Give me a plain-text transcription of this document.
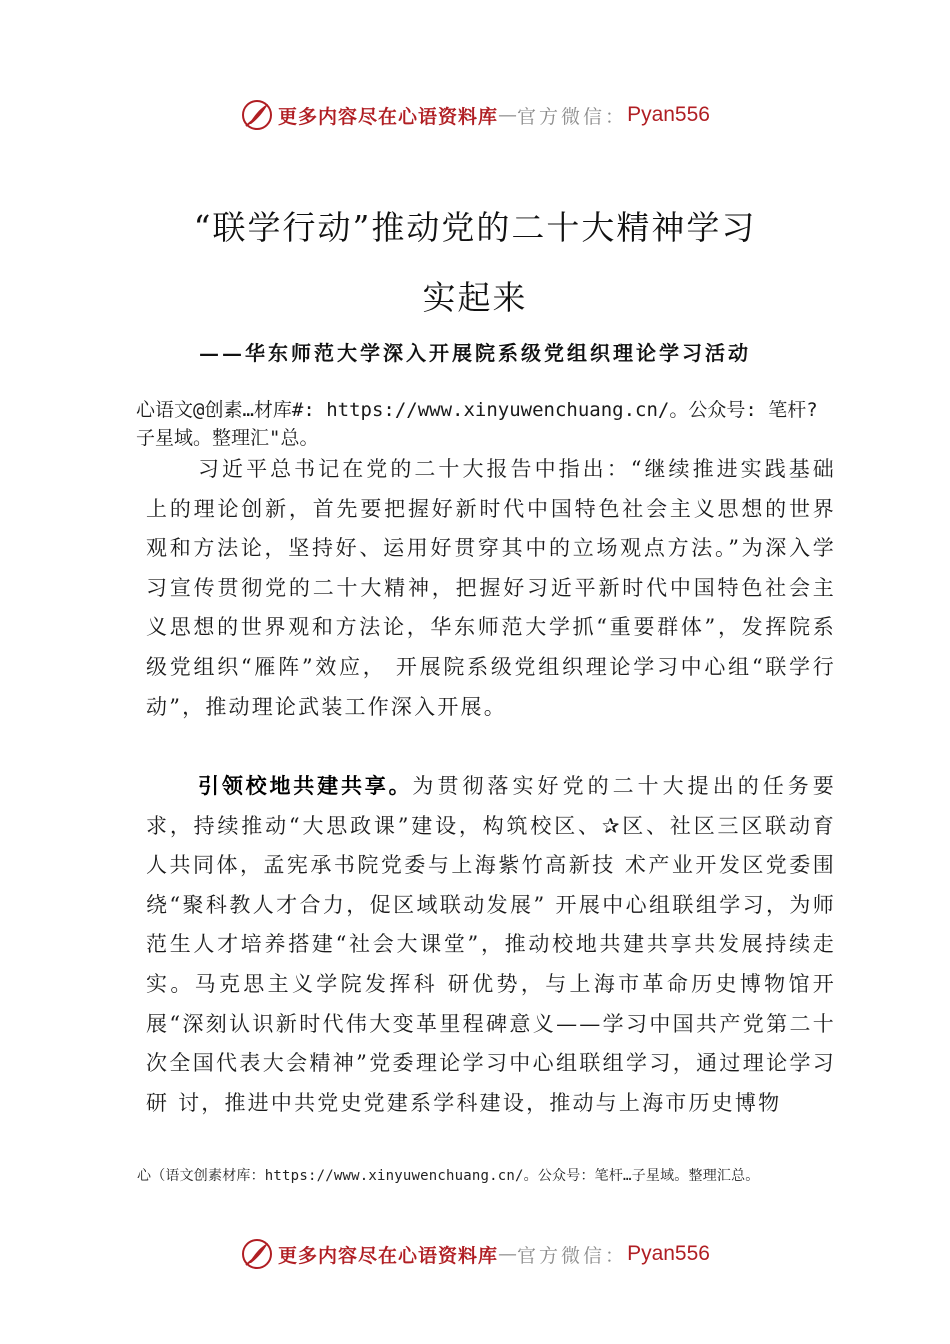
更多内容尽在心语资料库 — 官方微信： Pyan556
“联学行动”推动党的二十大精神学习
实起来
——华东师范大学深入开展院系级党组织理论学习活动
心语文@创素…材库#: https://www.xinyuwenchuang.cn/。公众号: 笔杆?子星域。整理汇"总。
习近平总书记在党的二十大报告中指出：“继续推进实践基础上的理论创新，首先要把握好新时代中国特色社会主义思想的世界观和方法论，坚持好、运用好贯穿其中的立场观点方法。”为深入学习宣传贯彻党的二十大精神，把握好习近平新时代中国特色社会主义思想的世界观和方法论，华东师范大学抓“重要群体”，发挥院系级党组织“雁阵”效应， 开展院系级党组织理论学习中心组“联学行动”，推动理论武装工作深入开展。
引领校地共建共享。为贯彻落实好党的二十大提出的任务要求，持续推动“大思政课”建设，构筑校区、✰区、社区三区联动育人共同体，孟宪承书院党委与上海紫竹高新技 术产业开发区党委围绕“聚科教人才合力，促区域联动发展” 开展中心组联组学习，为师范生人才培养搭建“社会大课堂”，推动校地共建共享共发展持续走实。马克思主义学院发挥科 研优势，与上海市革命历史博物馆开展“深刻认识新时代伟大变革里程碑意义——学习中国共产党第二十次全国代表大会精神”党委理论学习中心组联组学习，通过理论学习研 讨，推进中共党史党建系学科建设，推动与上海市历史博物
心（语文创素材库：https://www.xinyuwenchuang.cn/。公众号：笔杆…子星域。整理汇总。
更多内容尽在心语资料库 — 官方微信： Pyan556
